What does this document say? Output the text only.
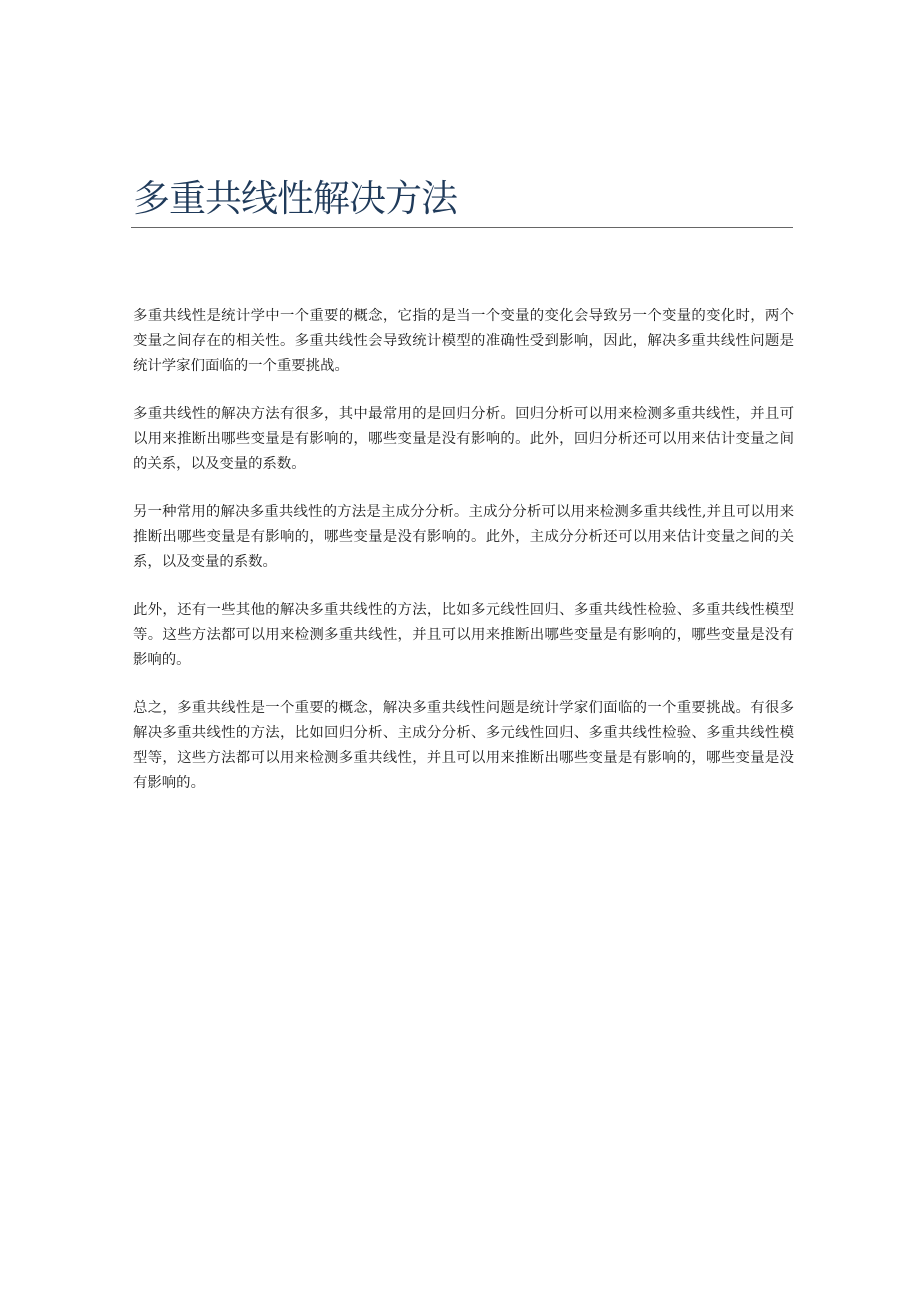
多重共线性解决方法

多重共线性是统计学中一个重要的概念，它指的是当一个变量的变化会导致另一个变量的变化时，两个变量之间存在的相关性。多重共线性会导致统计模型的准确性受到影响，因此，解决多重共线性问题是统计学家们面临的一个重要挑战。

多重共线性的解决方法有很多，其中最常用的是回归分析。回归分析可以用来检测多重共线性，并且可以用来推断出哪些变量是有影响的，哪些变量是没有影响的。此外，回归分析还可以用来估计变量之间的关系，以及变量的系数。

另一种常用的解决多重共线性的方法是主成分分析。主成分分析可以用来检测多重共线性,并且可以用来推断出哪些变量是有影响的，哪些变量是没有影响的。此外，主成分分析还可以用来估计变量之间的关系，以及变量的系数。

此外，还有一些其他的解决多重共线性的方法，比如多元线性回归、多重共线性检验、多重共线性模型等。这些方法都可以用来检测多重共线性，并且可以用来推断出哪些变量是有影响的，哪些变量是没有影响的。

总之，多重共线性是一个重要的概念，解决多重共线性问题是统计学家们面临的一个重要挑战。有很多解决多重共线性的方法，比如回归分析、主成分分析、多元线性回归、多重共线性检验、多重共线性模型等，这些方法都可以用来检测多重共线性，并且可以用来推断出哪些变量是有影响的，哪些变量是没有影响的。
